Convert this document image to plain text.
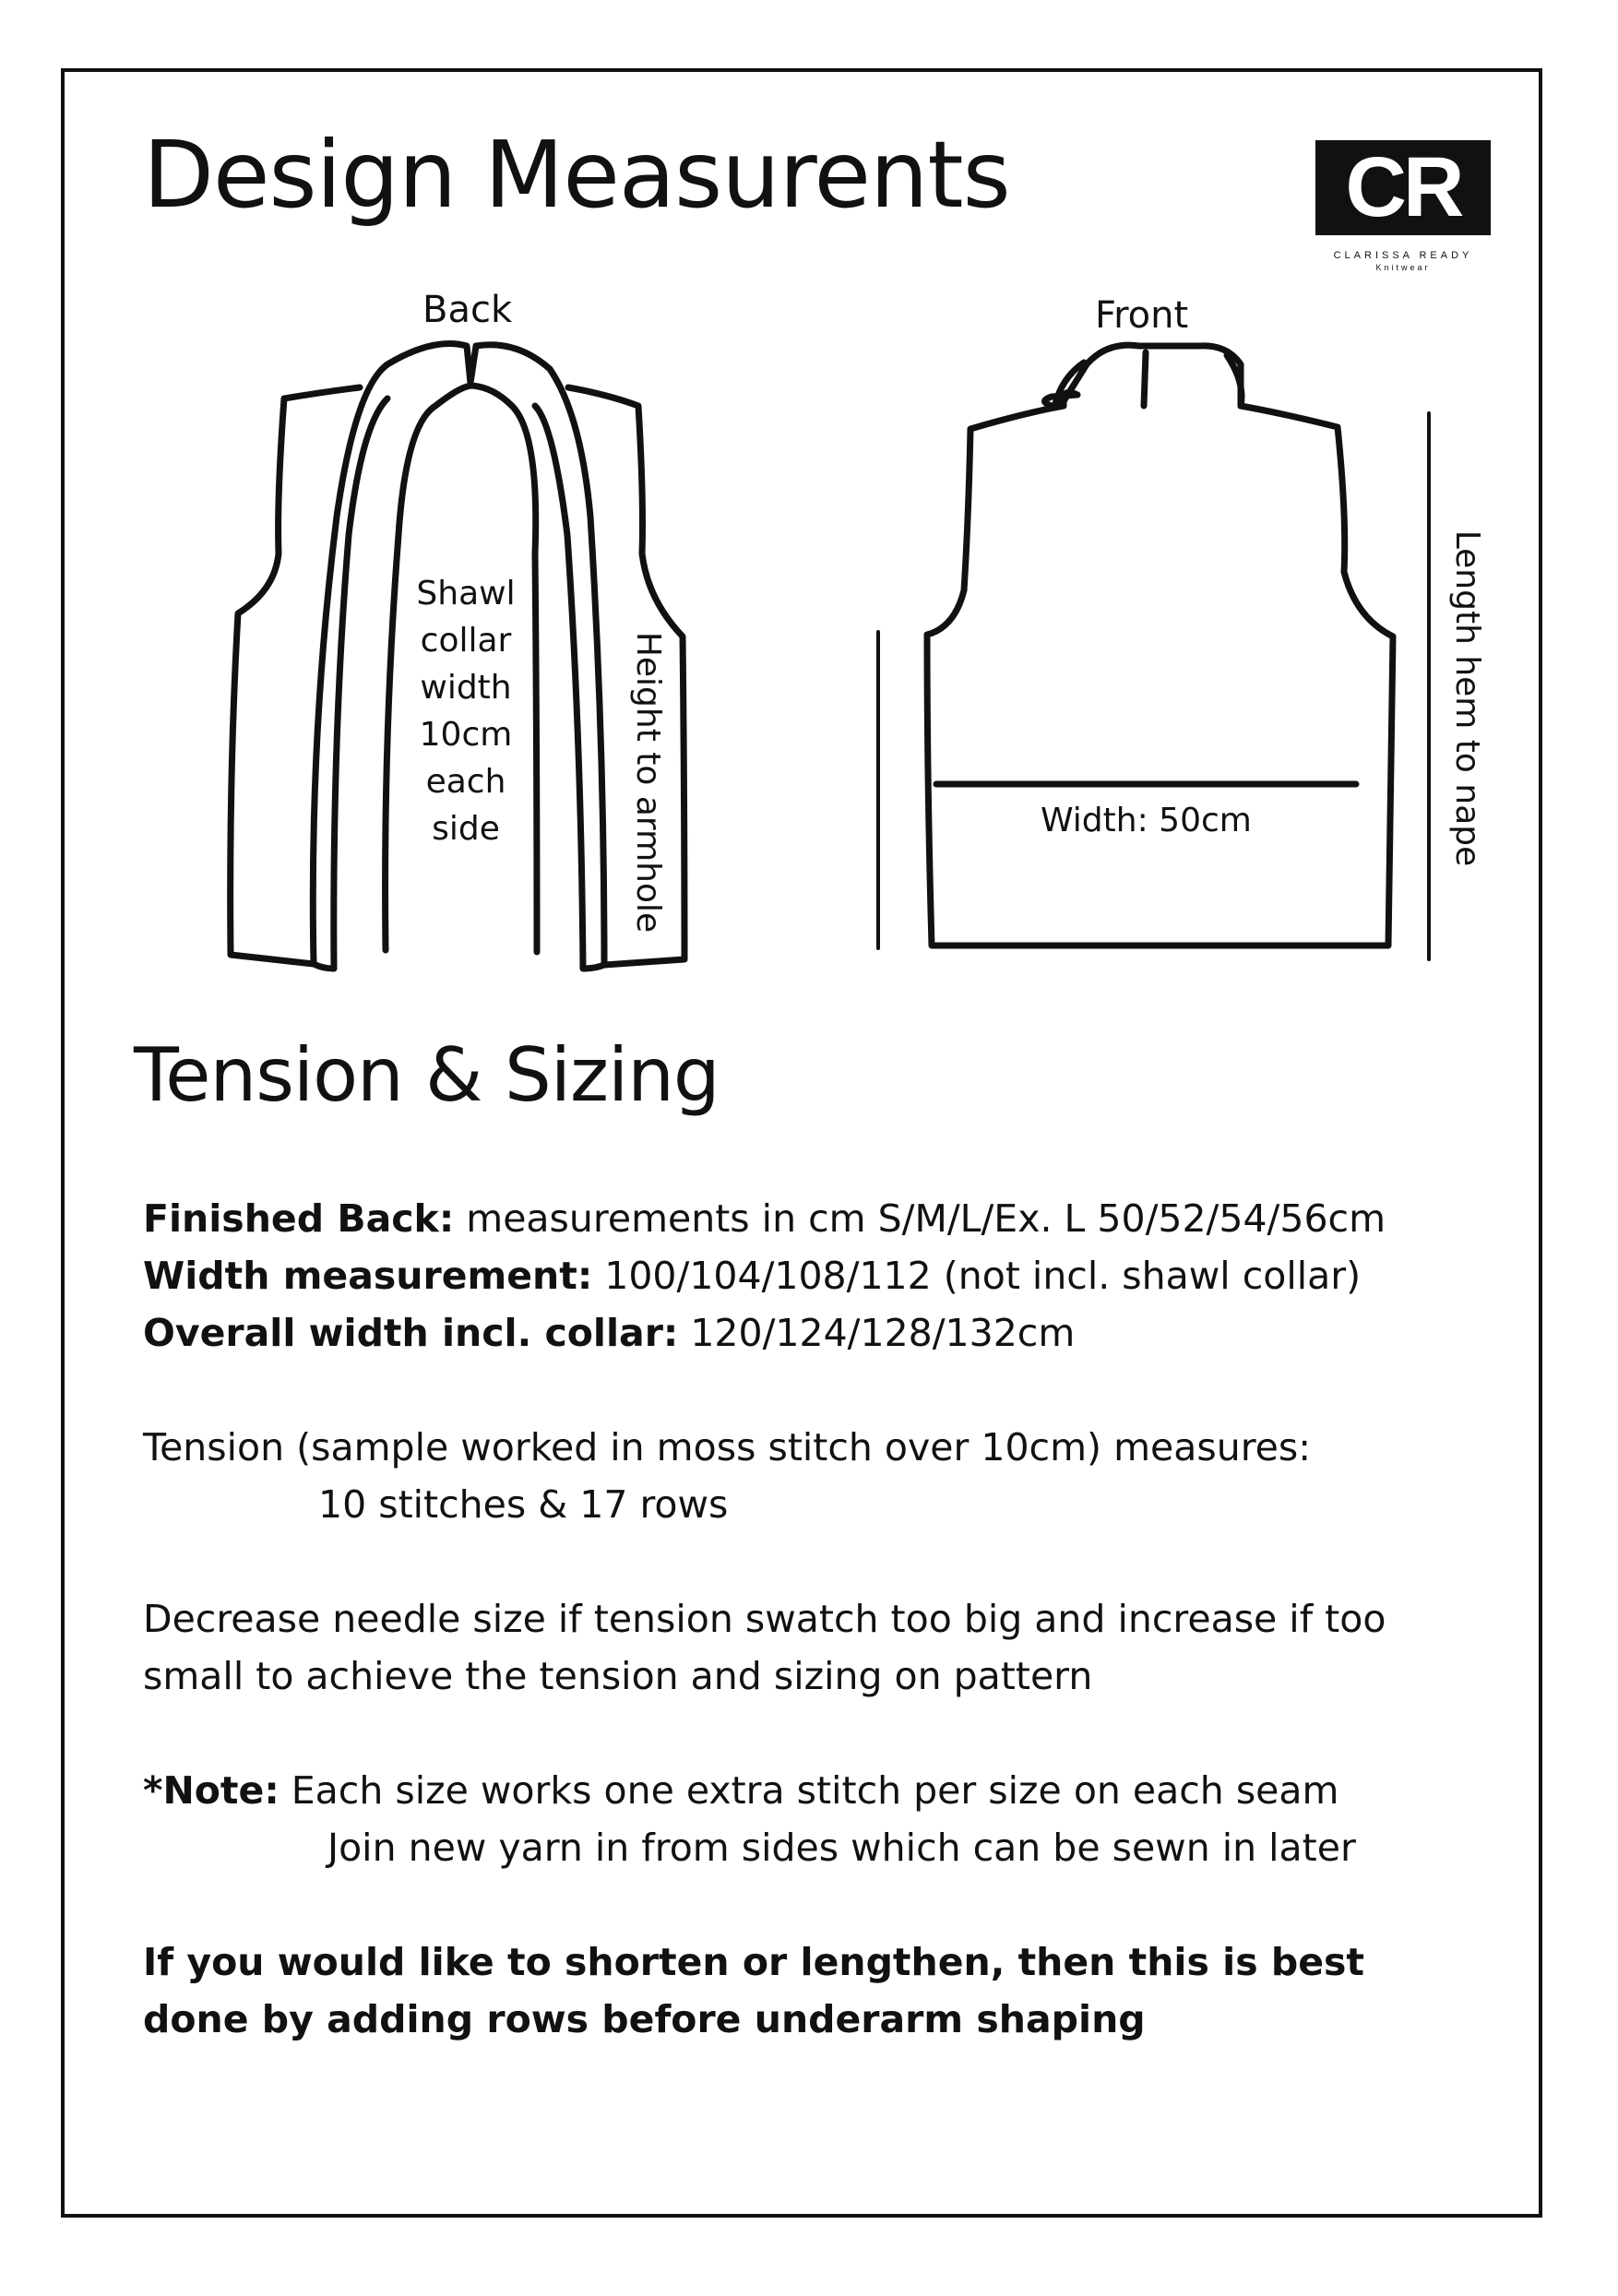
Design Measurents	CR
CLARISSA READY
Knitwear
Back	Front
Shawl
collar
width
10cm
each
side	Width: 50cm
Height to armhole	Length hem to nape
Tension & Sizing

Finished Back: measurements in cm S/M/L/Ex. L 50/52/54/56cm

Width measurement: 100/104/108/112 (not incl. shawl collar)

Overall width incl. collar: 120/124/128/132cm

Tension (sample worked in moss stitch over 10cm) measures:

10 stitches & 17 rows

Decrease needle size if tension swatch too big and increase if too

small to achieve the tension and sizing on pattern

*Note: Each size works one extra stitch per size on each seam

Join new yarn in from sides which can be sewn in later

If you would like to shorten or lengthen, then this is best

done by adding rows before underarm shaping
